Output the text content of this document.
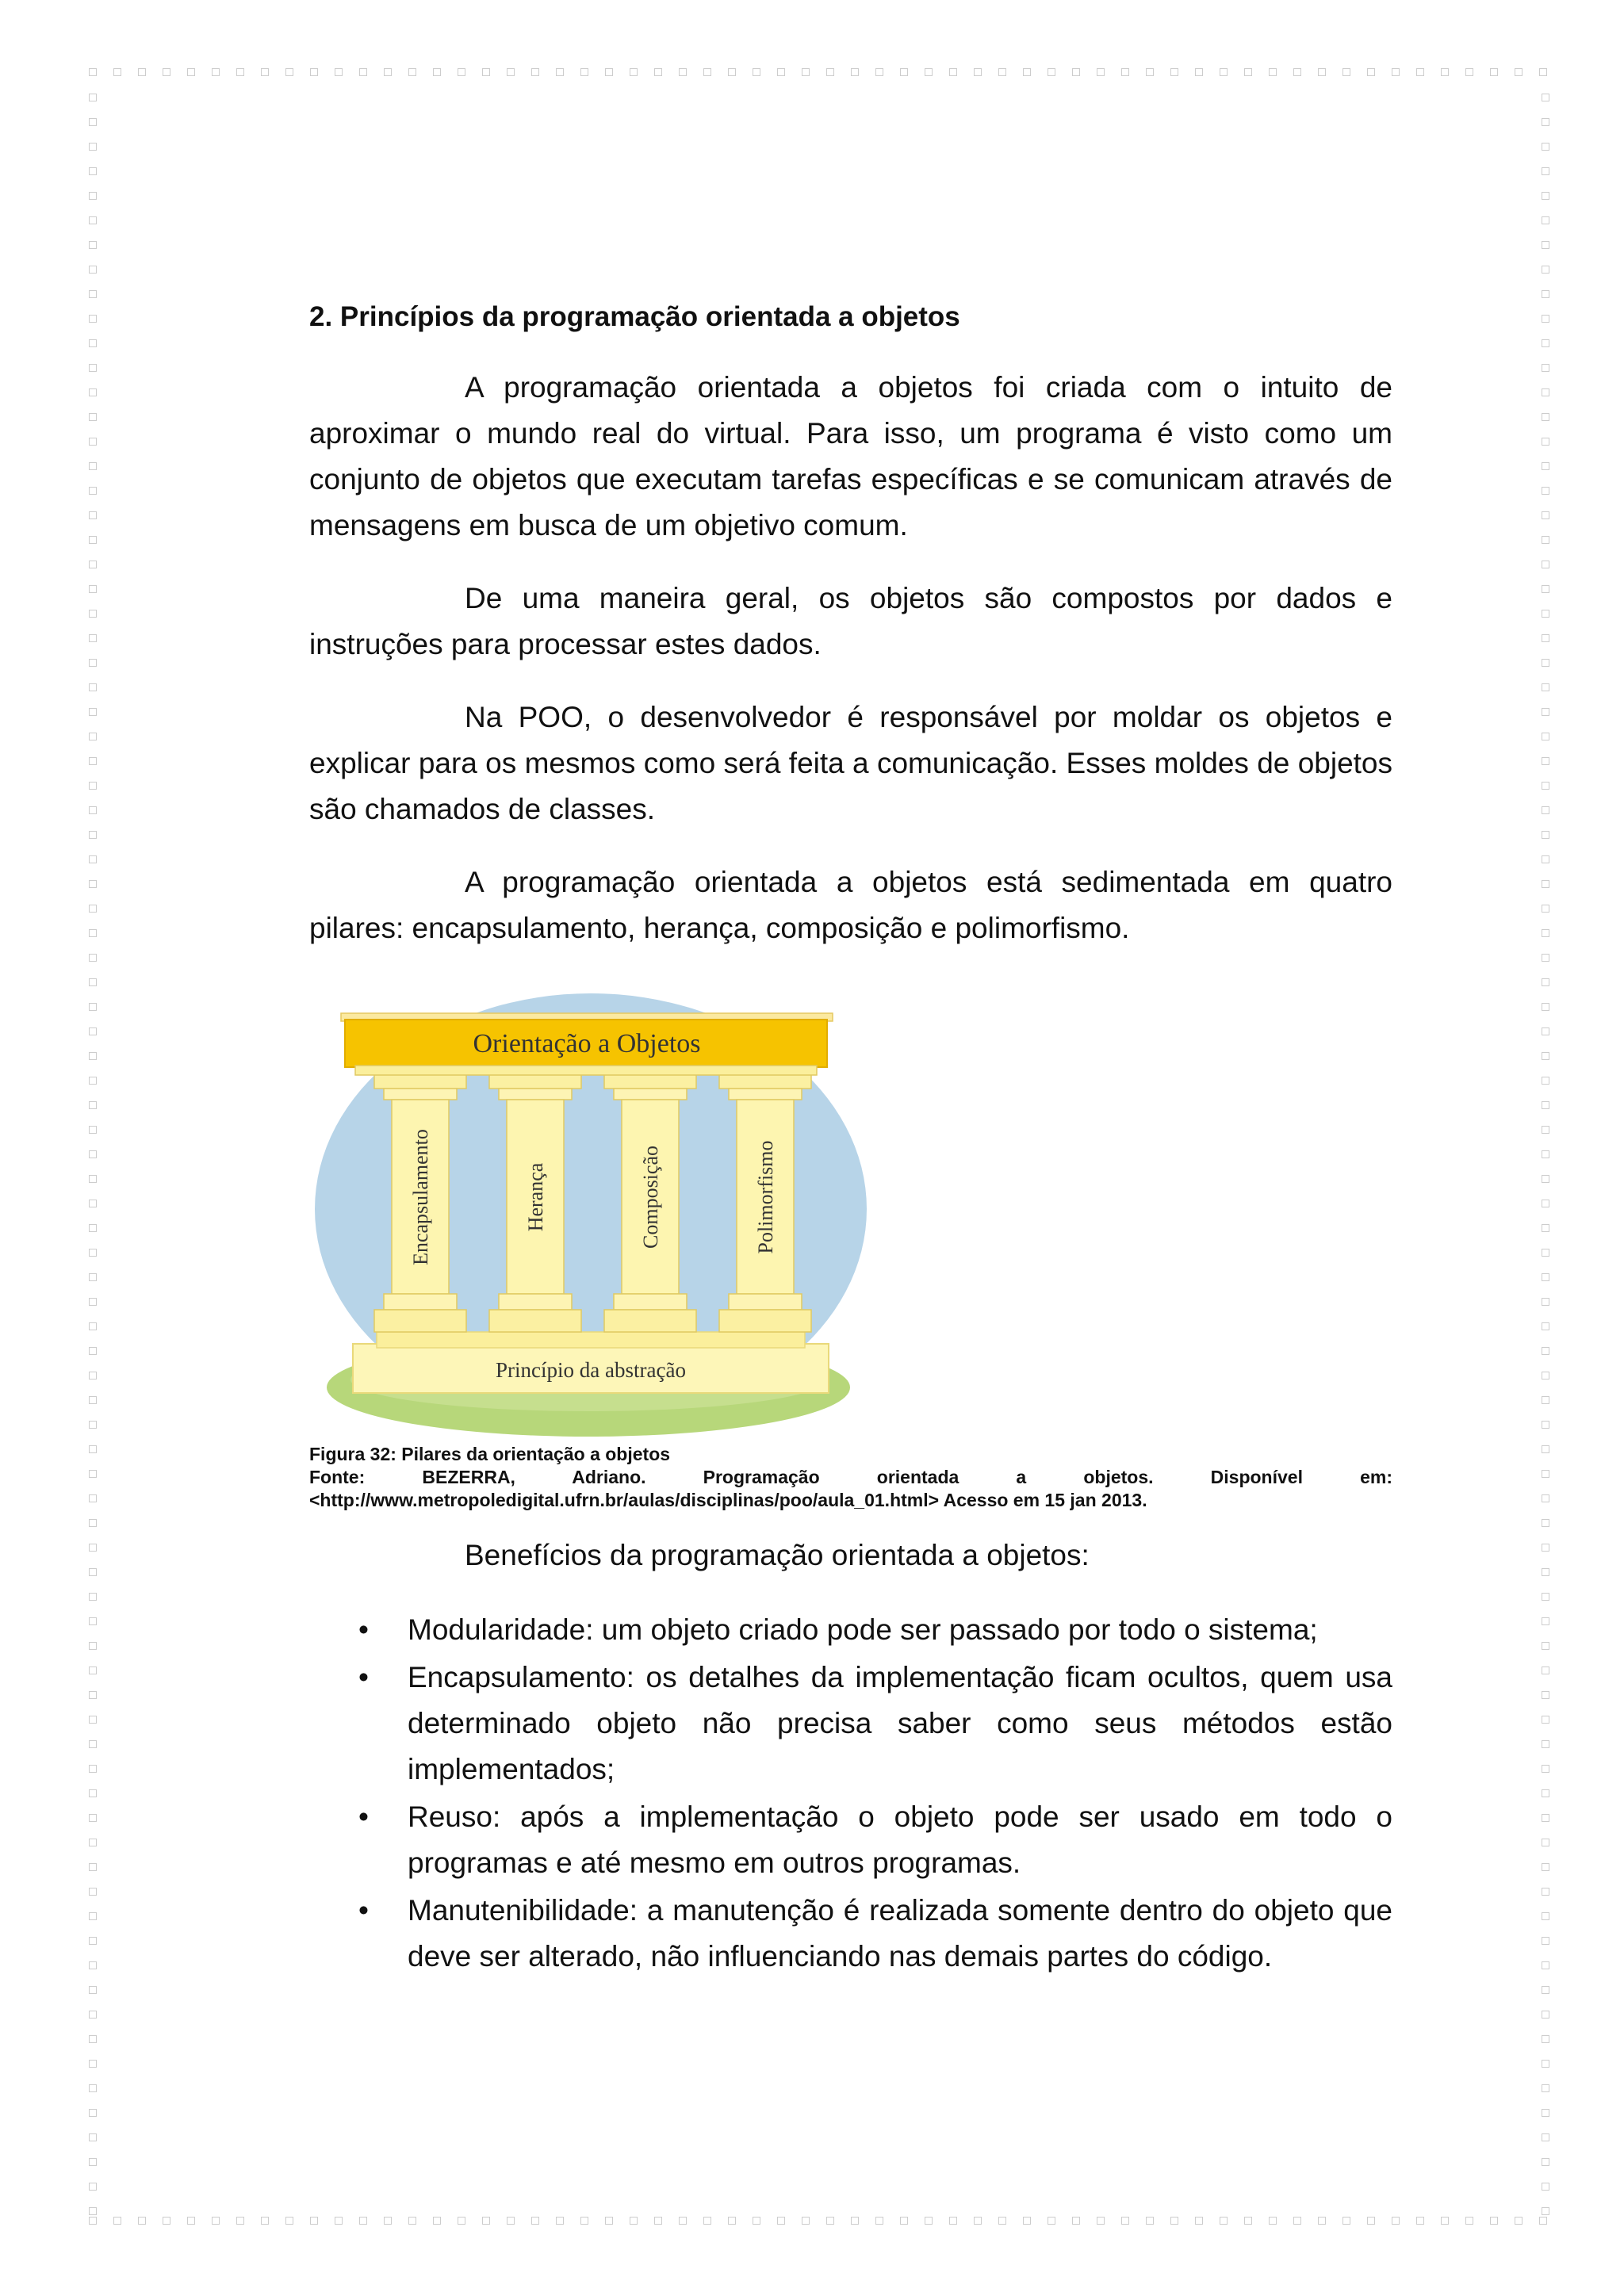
2. Princípios da programação orientada a objetos

A programação orientada a objetos foi criada com o intuito de aproximar o mundo real do virtual. Para isso, um programa é visto como um conjunto de objetos que executam tarefas específicas e se comunicam através de mensagens em busca de um objetivo comum.

De uma maneira geral, os objetos são compostos por dados e instruções para processar estes dados.

Na POO, o desenvolvedor é responsável por moldar os objetos e explicar para os mesmos como será feita a comunicação. Esses moldes de objetos são chamados de classes.

A programação orientada a objetos está sedimentada em quatro pilares: encapsulamento, herança, composição e polimorfismo.

Princípio da abstração
Encapsulamento	Herança	Composição	Polimorfismo
Orientação a Objetos
Figura 32: Pilares da orientação a objetos
Fonte: BEZERRA, Adriano. Programação orientada a objetos. Disponível em:
<http://www.metropoledigital.ufrn.br/aulas/disciplinas/poo/aula_01.html> Acesso em 15 jan 2013.

Benefícios da programação orientada a objetos:

• Modularidade: um objeto criado pode ser passado por todo o sistema;
• Encapsulamento: os detalhes da implementação ficam ocultos, quem usa determinado objeto não precisa saber como seus métodos estão implementados;
• Reuso: após a implementação o objeto pode ser usado em todo o programas e até mesmo em outros programas.
• Manutenibilidade: a manutenção é realizada somente dentro do objeto que deve ser alterado, não influenciando nas demais partes do código.
